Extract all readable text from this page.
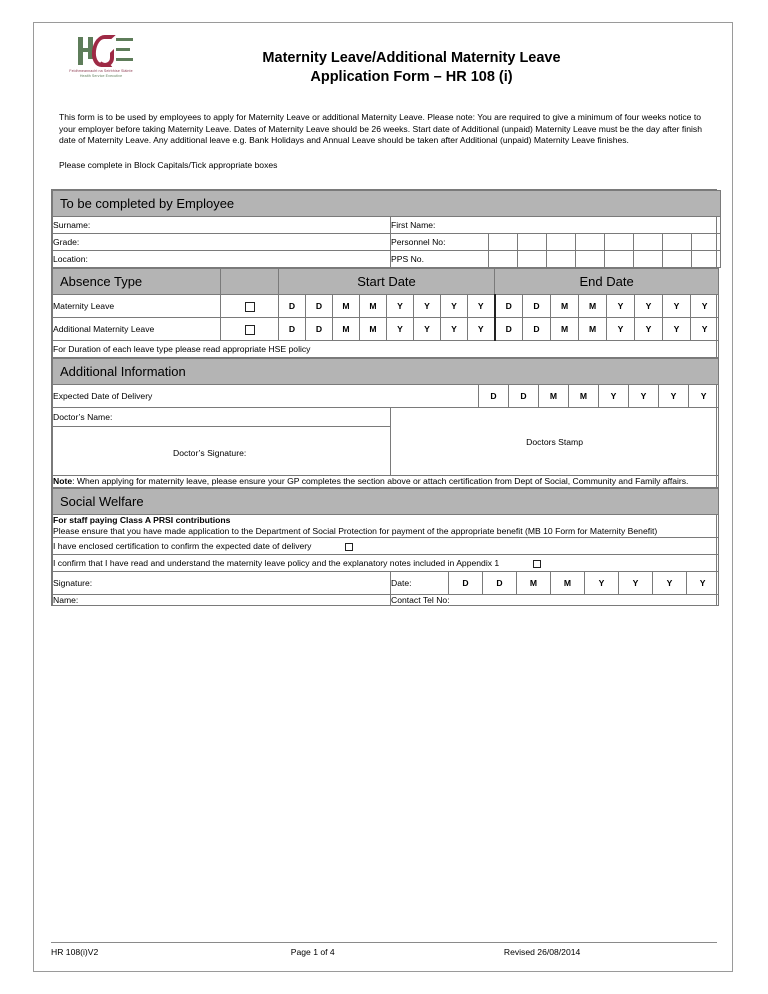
Feidhmeannacht na Seirbhíse Sláinte
Health Service Executive
Maternity Leave/Additional Maternity Leave
Application Form – HR 108 (i)

This form is to be used by employees to apply for Maternity Leave or additional Maternity Leave. Please note: You are required to give a minimum of four weeks notice to your employer before taking Maternity Leave. Dates of Maternity Leave should be 26 weeks. Start date of Additional (unpaid) Maternity Leave must be the day after finish date of Maternity Leave. Any additional leave e.g. Bank Holidays and Annual Leave should be taken after Additional (unpaid) Maternity Leave finishes.

Please complete in Block Capitals/Tick appropriate boxes

To be completed by Employee									
Surname:	First Name:								
Grade:	Personnel No:								
Location:	PPS No.								
Absence Type		Start Date								End Date							
Maternity Leave		D	D	M	M	Y	Y	Y	Y	D	D	M	M	Y	Y	Y	Y
Additional Maternity Leave		D	D	M	M	Y	Y	Y	Y	D	D	M	M	Y	Y	Y	Y
For Duration of each leave type please read appropriate HSE policy																	
Additional Information									
Expected Date of Delivery		D	D	M	M	Y	Y	Y	Y
Doctor’s Name:	Doctors Stamp								

Doctor’s Signature:									

Note: When applying for maternity leave, please ensure your GP completes the section above or attach certification from Dept of Social, Community and Family affairs.									
Social Welfare									

For staff paying Class A PRSI contributions
Please ensure that you have made application to the Department of Social Protection for payment of the appropriate benefit (MB 10 Form for Maternity Benefit)									

I have enclosed certification to confirm the expected date of delivery									
I confirm that I have read and understand the maternity leave policy and the explanatory notes included in Appendix 1									
Signature:	Date:	D	D	M	M	Y	Y	Y	Y
Name:	Contact Tel No:								
HR 108(i)V2	Page 1 of 4	Revised 26/08/2014
